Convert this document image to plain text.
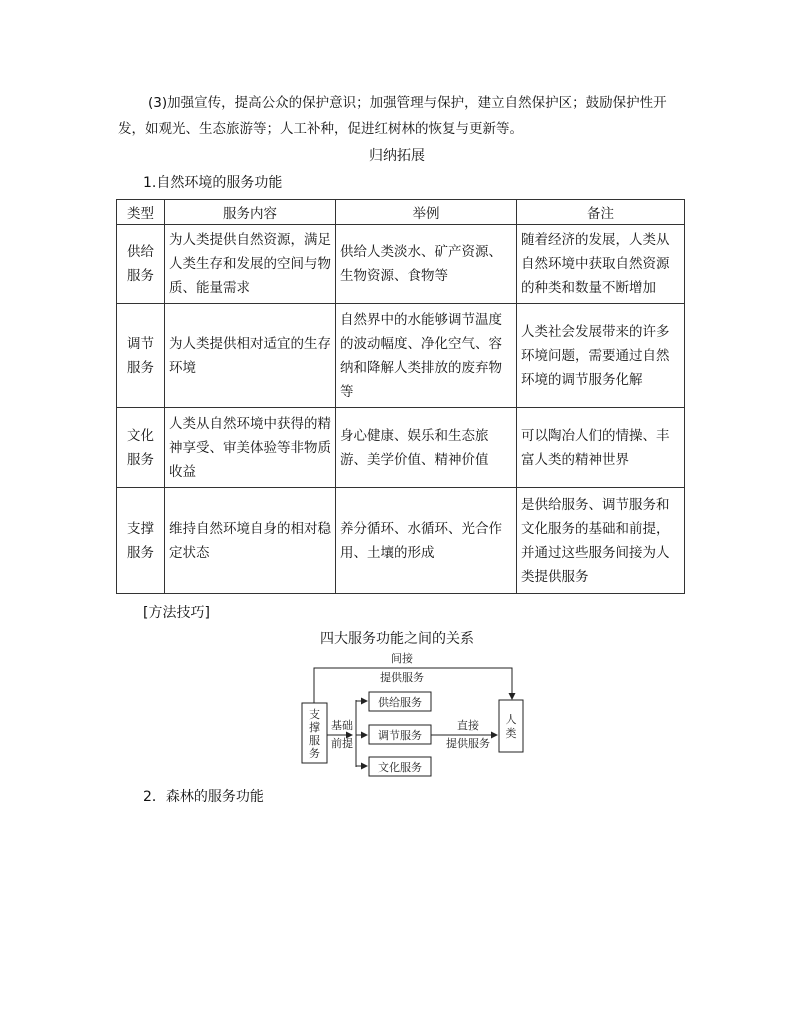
(3)加强宣传，提高公众的保护意识；加强管理与保护，建立自然保护区；鼓励保护性开发，如观光、生态旅游等；人工补种，促进红树林的恢复与更新等。

归纳拓展
1.自然环境的服务功能
类型	服务内容	举例	备注
供给服务	为人类提供自然资源，满足人类生存和发展的空间与物质、能量需求	供给人类淡水、矿产资源、生物资源、食物等	随着经济的发展，人类从自然环境中获取自然资源的种类和数量不断增加
调节服务	为人类提供相对适宜的生存环境	自然界中的水能够调节温度的波动幅度、净化空气、容纳和降解人类排放的废弃物等	人类社会发展带来的许多环境问题，需要通过自然环境的调节服务化解
文化服务	人类从自然环境中获得的精神享受、审美体验等非物质收益	身心健康、娱乐和生态旅游、美学价值、精神价值	可以陶冶人们的情操、丰富人类的精神世界
支撑服务	维持自然环境自身的相对稳定状态	养分循环、水循环、光合作用、土壤的形成	是供给服务、调节服务和文化服务的基础和前提，并通过这些服务间接为人类提供服务
[方法技巧]
四大服务功能之间的关系
间接
提供服务
支
撑
服
务
基础
前提
供给服务
调节服务
文化服务
直接
提供服务
人
类
2．森林的服务功能
